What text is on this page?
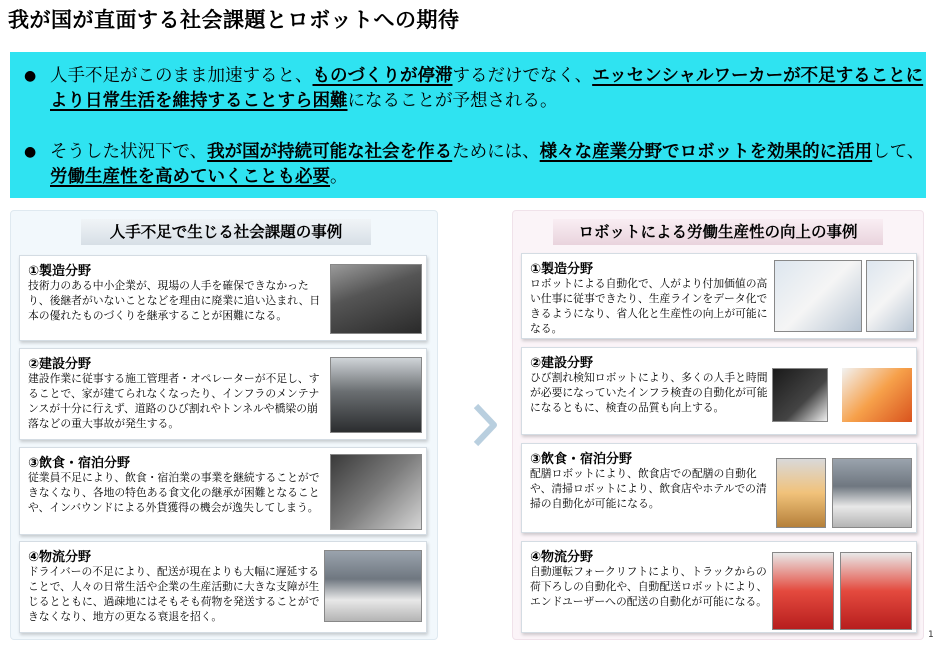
我が国が直面する社会課題とロボットへの期待
● 人手不足がこのまま加速すると、ものづくりが停滞するだけでなく、エッセンシャルワーカーが不足することにより日常生活を維持することすら困難になることが予想される。
● そうした状況下で、我が国が持続可能な社会を作るためには、様々な産業分野でロボットを効果的に活用して、労働生産性を高めていくことも必要。
人手不足で生じる社会課題の事例
①製造分野
技術力のある中小企業が、現場の人手を確保できなかったり、後継者がいないことなどを理由に廃業に追い込まれ、日本の優れたものづくりを継承することが困難になる。
②建設分野
建設作業に従事する施工管理者・オペレーターが不足し、することで、家が建てられなくなったり、インフラのメンテナンスが十分に行えず、道路のひび割れやトンネルや橋梁の崩落などの重大事故が発生する。
③飲食・宿泊分野
従業員不足により、飲食・宿泊業の事業を継続することができなくなり、各地の特色ある食文化の継承が困難となることや、インバウンドによる外貨獲得の機会が逸失してしまう。
④物流分野
ドライバーの不足により、配送が現在よりも大幅に遅延することで、人々の日常生活や企業の生産活動に大きな支障が生じるとともに、過疎地にはそもそも荷物を発送することができなくなり、地方の更なる衰退を招く。
ロボットによる労働生産性の向上の事例
①製造分野
ロボットによる自動化で、人がより付加価値の高い仕事に従事できたり、生産ラインをデータ化できるようになり、省人化と生産性の向上が可能になる。
②建設分野
ひび割れ検知ロボットにより、多くの人手と時間が必要になっていたインフラ検査の自動化が可能になるともに、検査の品質も向上する。
③飲食・宿泊分野
配膳ロボットにより、飲食店での配膳の自動化や、清掃ロボットにより、飲食店やホテルでの清掃の自動化が可能になる。
④物流分野
自動運転フォークリフトにより、トラックからの荷下ろしの自動化や、自動配送ロボットにより、エンドユーザーへの配送の自動化が可能になる。
1
